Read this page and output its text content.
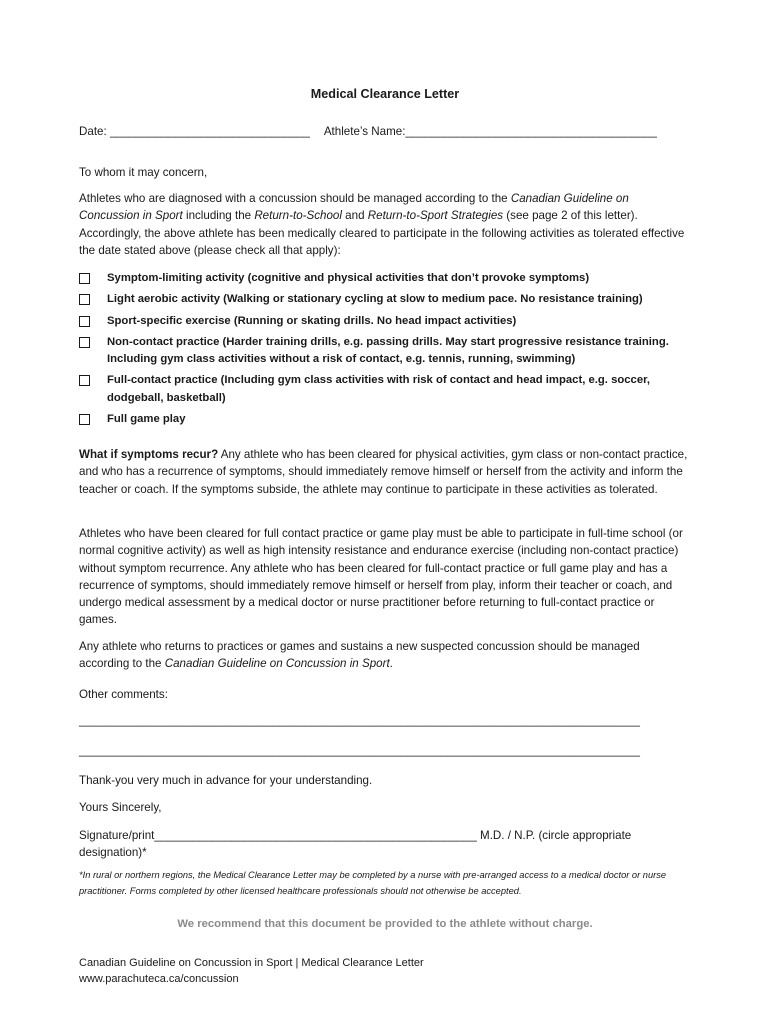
Medical Clearance Letter
Date: _______________________________ Athlete’s Name:_______________________________________

To whom it may concern,

Athletes who are diagnosed with a concussion should be managed according to the Canadian Guideline on Concussion in Sport including the Return-to-School and Return-to-Sport Strategies (see page 2 of this letter). Accordingly, the above athlete has been medically cleared to participate in the following activities as tolerated effective the date stated above (please check all that apply):

Symptom-limiting activity (cognitive and physical activities that don’t provoke symptoms)
Light aerobic activity (Walking or stationary cycling at slow to medium pace. No resistance training)
Sport-specific exercise (Running or skating drills. No head impact activities)
Non-contact practice (Harder training drills, e.g. passing drills. May start progressive resistance training. Including gym class activities without a risk of contact, e.g. tennis, running, swimming)
Full-contact practice (Including gym class activities with risk of contact and head impact, e.g. soccer, dodgeball, basketball)
Full game play

What if symptoms recur? Any athlete who has been cleared for physical activities, gym class or non-contact practice, and who has a recurrence of symptoms, should immediately remove himself or herself from the activity and inform the teacher or coach. If the symptoms subside, the athlete may continue to participate in these activities as tolerated.

Athletes who have been cleared for full contact practice or game play must be able to participate in full-time school (or normal cognitive activity) as well as high intensity resistance and endurance exercise (including non-contact practice) without symptom recurrence. Any athlete who has been cleared for full-contact practice or full game play and has a recurrence of symptoms, should immediately remove himself or herself from play, inform their teacher or coach, and undergo medical assessment by a medical doctor or nurse practitioner before returning to full-contact practice or games.

Any athlete who returns to practices or games and sustains a new suspected concussion should be managed according to the Canadian Guideline on Concussion in Sport.

Other comments:

_______________________________________________________________________________________
_______________________________________________________________________________________

Thank-you very much in advance for your understanding.

Yours Sincerely,

Signature/print__________________________________________________ M.D. / N.P. (circle appropriate designation)*

*In rural or northern regions, the Medical Clearance Letter may be completed by a nurse with pre-arranged access to a medical doctor or nurse practitioner. Forms completed by other licensed healthcare professionals should not otherwise be accepted.

We recommend that this document be provided to the athlete without charge.

Canadian Guideline on Concussion in Sport | Medical Clearance Letter
www.parachuteca.ca/concussion
